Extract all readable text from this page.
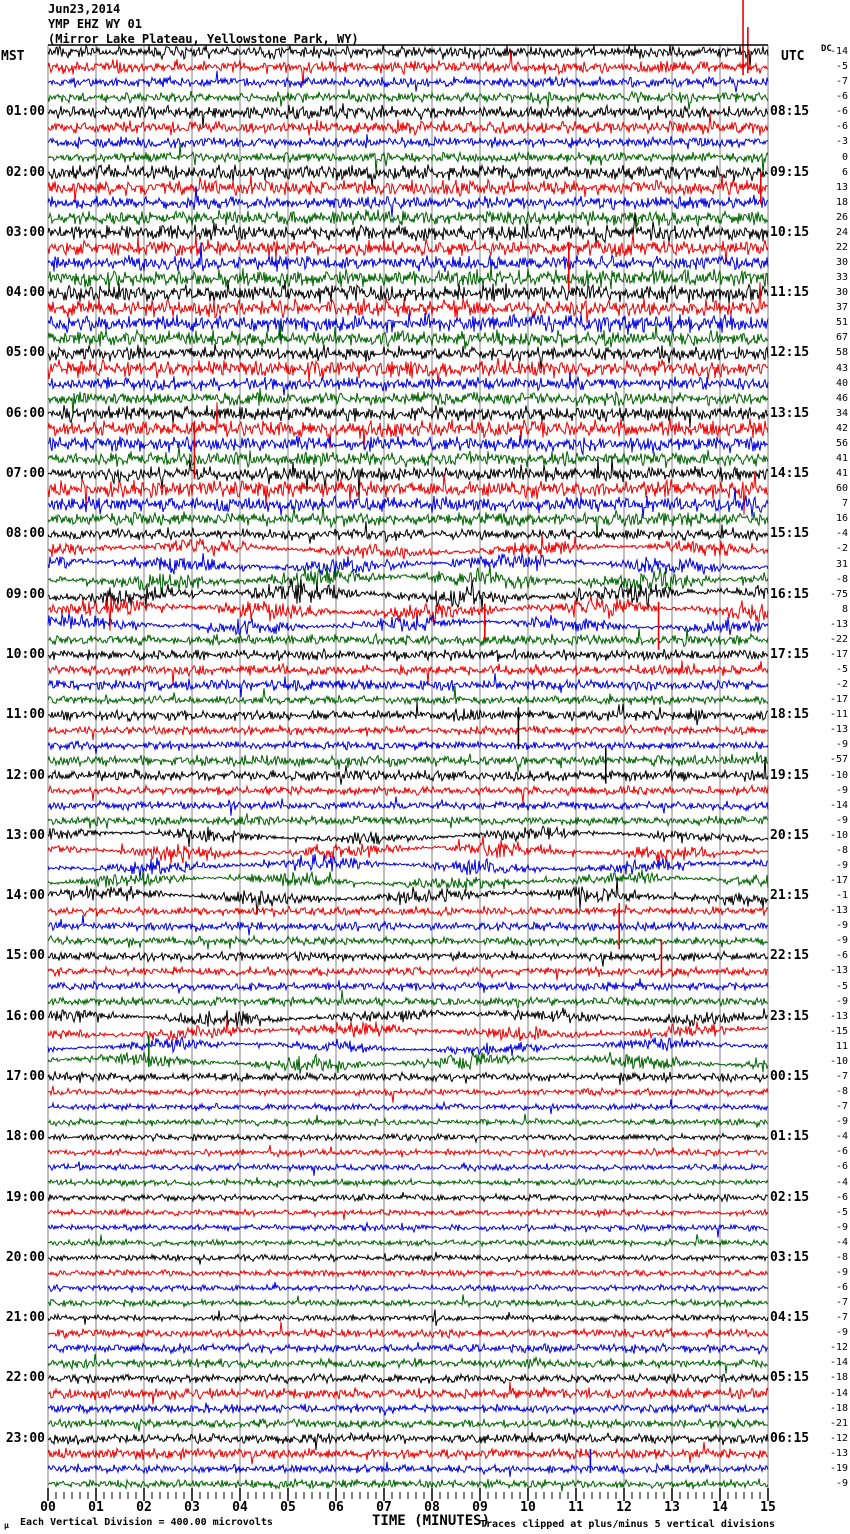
Jun23,2014
YMP EHZ WY 01
(Mirror Lake Plateau, Yellowstone Park, WY)
MST	UTC DC
01:00	08:15
02:00	09:15
03:00	10:15
04:00	11:15
05:00	12:15
06:00	13:15
07:00	14:15
08:00	15:15
09:00	16:15
10:00	17:15
11:00	18:15
12:00	19:15
13:00	20:15
14:00	21:15
15:00	22:15
16:00	23:15
17:00	00:15
18:00	01:15
19:00	02:15
20:00	03:15
21:00	04:15
22:00	05:15
23:00	06:15
-14
-5
-7
-6
-6
-6
-3
0
6
13
18
26
24
22
30
33
30
37
51
67
58
43
40
46
34
42
56
41
41
60
7
16
-4
-2
31
-8
-75
8
-13
-22
-17
-5
-2
-17
-11
-13
-9
-57
-10
-9
-14
-9
-10
-8
-9
-17
-1
-13
-9
-9
-6
-13
-5
-9
-13
-15
11
-10
-7
-8
-7
-9
-4
-6
-6
-4
-6
-5
-9
-4
-8
-9
-6
-7
-7
-9
-12
-14
-18
-14
-18
-21
-12
-13
-19
-9
00	01	02	03	04	05	06	07	08	09	10	11	12	13	14	15
TIME (MINUTES)
μ Each Vertical Division = 400.00 microvolts	Traces clipped at plus/minus 5 vertical divisions
